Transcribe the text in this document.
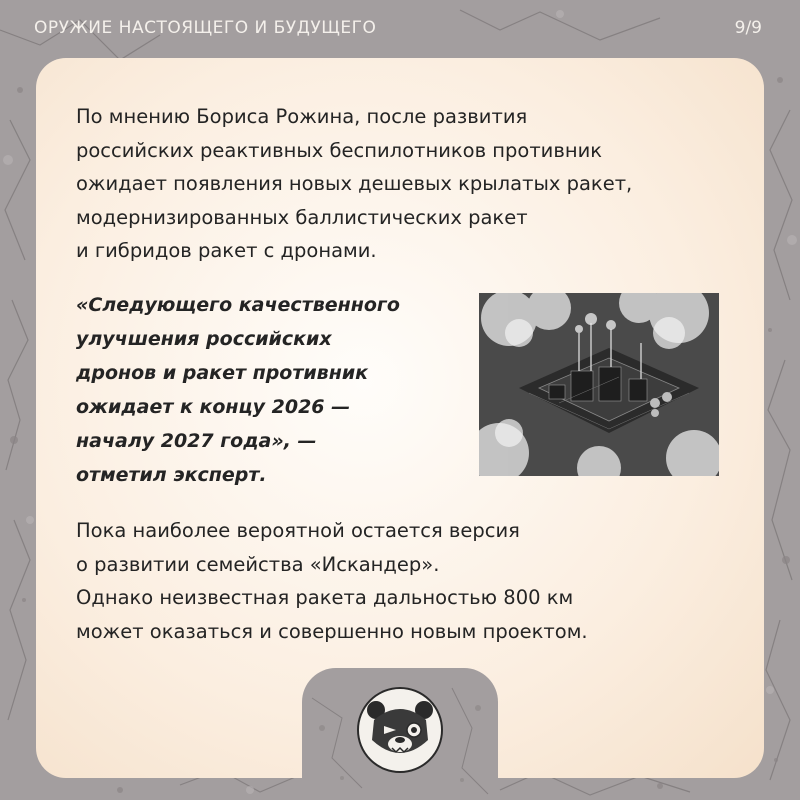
ОРУЖИЕ НАСТОЯЩЕГО И БУДУЩЕГО	9/9

По мнению Бориса Рожина, после развития
российских реактивных беспилотников противник
ожидает появления новых дешевых крылатых ракет,
модернизированных баллистических ракет
и гибридов ракет с дронами.

«Следующего качественного
улучшения российских
дронов и ракет противник
ожидает к концу 2026 —
началу 2027 года», —
отметил эксперт.

Пока наиболее вероятной остается версия
о развитии семейства «Искандер».
Однако неизвестная ракета дальностью 800 км
может оказаться и совершенно новым проектом.
